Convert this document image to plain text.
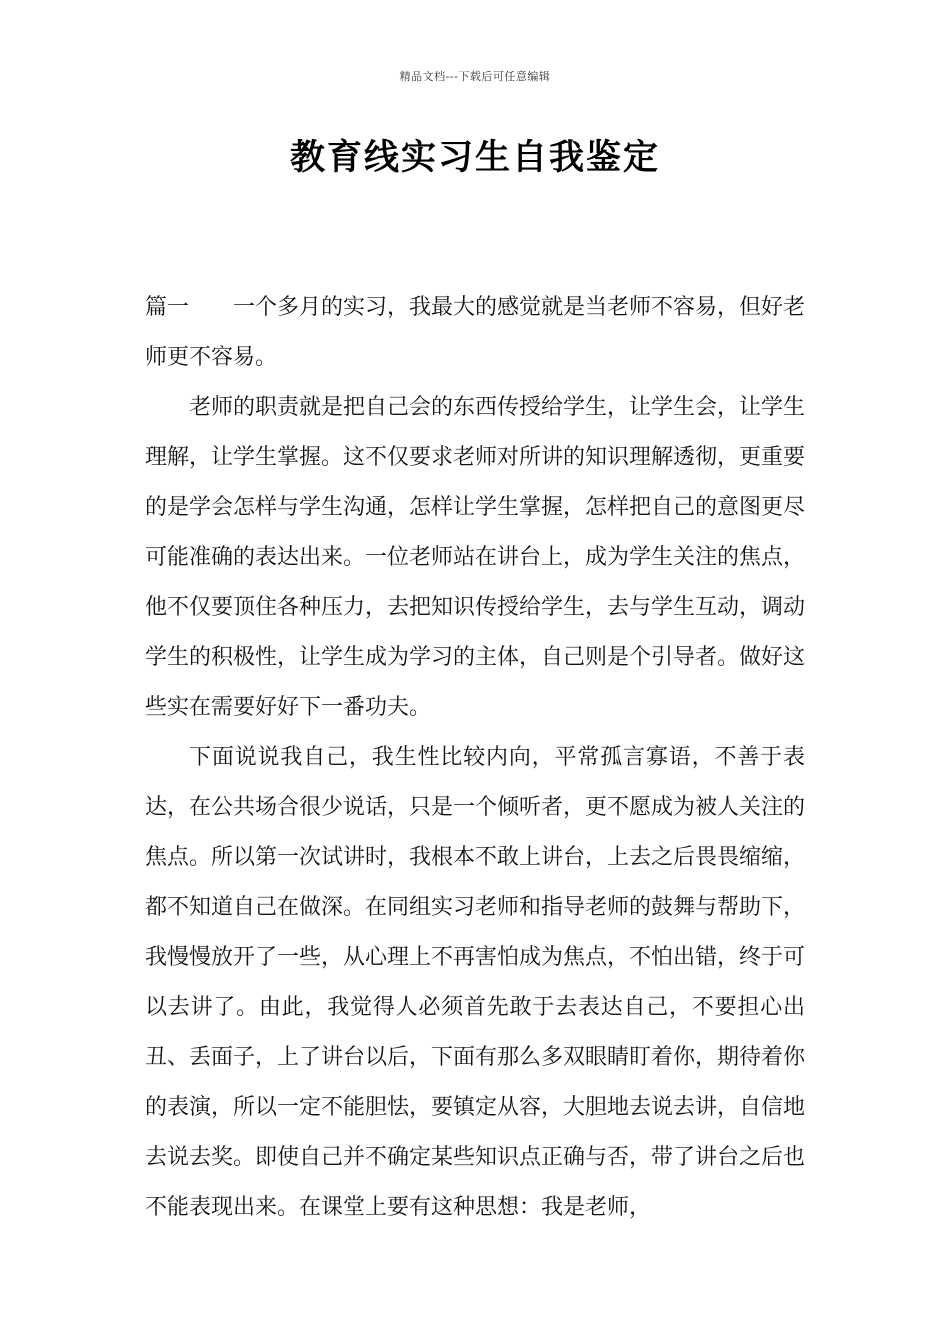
精品文档---下载后可任意编辑
教育线实习生自我鉴定

篇一 一个多月的实习，我最大的感觉就是当老师不容易，但好老师更不容易。

老师的职责就是把自己会的东西传授给学生，让学生会，让学生理解，让学生掌握。这不仅要求老师对所讲的知识理解透彻，更重要的是学会怎样与学生沟通，怎样让学生掌握，怎样把自己的意图更尽可能准确的表达出来。一位老师站在讲台上，成为学生关注的焦点，他不仅要顶住各种压力，去把知识传授给学生，去与学生互动，调动学生的积极性，让学生成为学习的主体，自己则是个引导者。做好这些实在需要好好下一番功夫。

下面说说我自己，我生性比较内向，平常孤言寡语，不善于表达，在公共场合很少说话，只是一个倾听者，更不愿成为被人关注的焦点。所以第一次试讲时，我根本不敢上讲台，上去之后畏畏缩缩，都不知道自己在做深。在同组实习老师和指导老师的鼓舞与帮助下，我慢慢放开了一些，从心理上不再害怕成为焦点，不怕出错，终于可以去讲了。由此，我觉得人必须首先敢于去表达自己，不要担心出丑、丢面子，上了讲台以后，下面有那么多双眼睛盯着你，期待着你的表演，所以一定不能胆怯，要镇定从容，大胆地去说去讲，自信地去说去奖。即使自己并不确定某些知识点正确与否，带了讲台之后也不能表现出来。在课堂上要有这种思想：我是老师，
